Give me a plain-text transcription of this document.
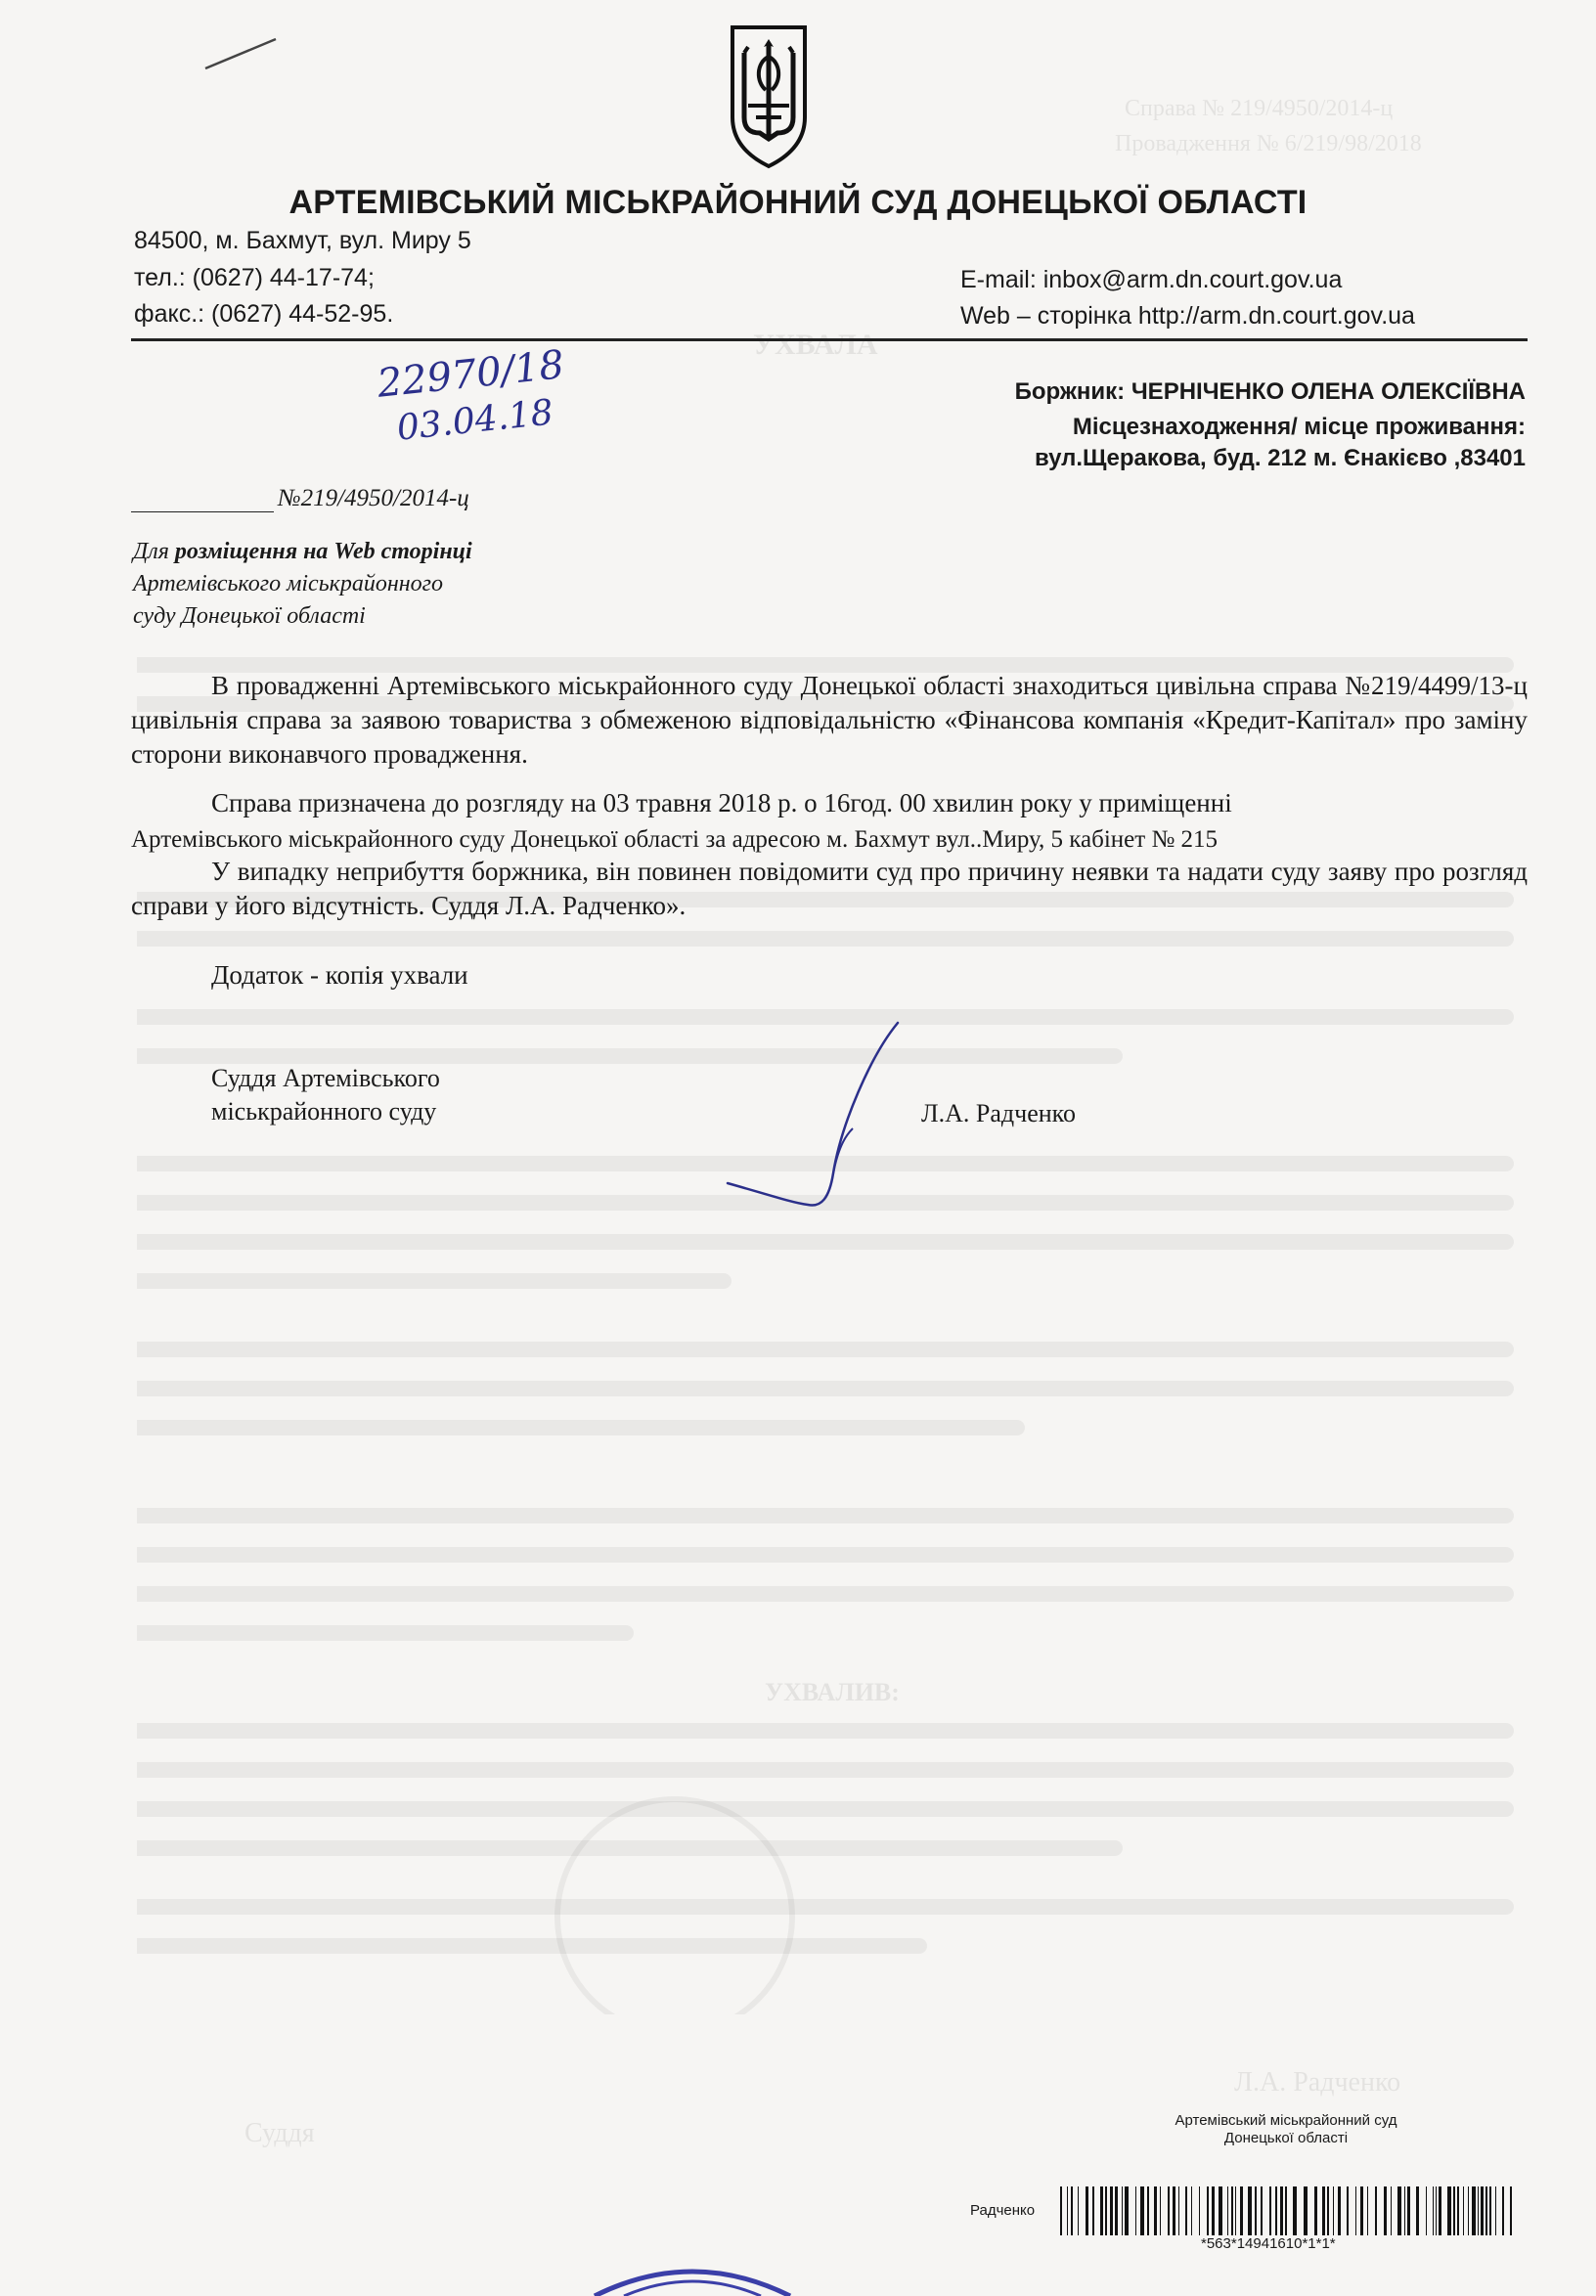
Справа № 219/4950/2014-ц
Провадження № 6/219/98/2018
УХВАЛА
УХВАЛИВ:
Суддя
Л.А. Радченко
АРТЕМІВСЬКИЙ МІСЬКРАЙОННИЙ СУД ДОНЕЦЬКОЇ ОБЛАСТІ
84500, м. Бахмут, вул. Миру 5
тел.: (0627) 44-17-74;
факс.: (0627) 44-52-95.
E-mail: inbox@arm.dn.court.gov.ua
Web – сторінка http://arm.dn.court.gov.ua
22970/18
03.04.18
Боржник: ЧЕРНІЧЕНКО ОЛЕНА ОЛЕКСІЇВНА
Місцезнаходження/ місце проживання:
вул.Щеракова, буд. 212 м. Єнакієво ,83401
№219/4950/2014-ц
Для розміщення на Web сторінці
Артемівського міськрайонного
суду Донецької області

В провадженні Артемівського міськрайонного суду Донецької області знаходиться цивільна справа №219/4499/13-ц цивільнія справа за заявою товариства з обмеженою відповідальністю «Фінансова компанія «Кредит-Капітал» про заміну сторони виконавчого провадження.

Справа призначена до розгляду на 03 травня 2018 р. о 16год. 00 хвилин року у приміщенні

Артемівського міськрайонного суду Донецької області за адресою м. Бахмут вул..Миру, 5 кабінет № 215

У випадку неприбуття боржника, він повинен повідомити суд про причину неявки та надати суду заяву про розгляд справи у його відсутність. Суддя Л.А. Радченко».

Додаток - копія ухвали

Суддя Артемівського
міськрайонного суду	Л.А. Радченко
Артемівський міськрайонний суд
Донецької області
Радченко
*563*14941610*1*1*
